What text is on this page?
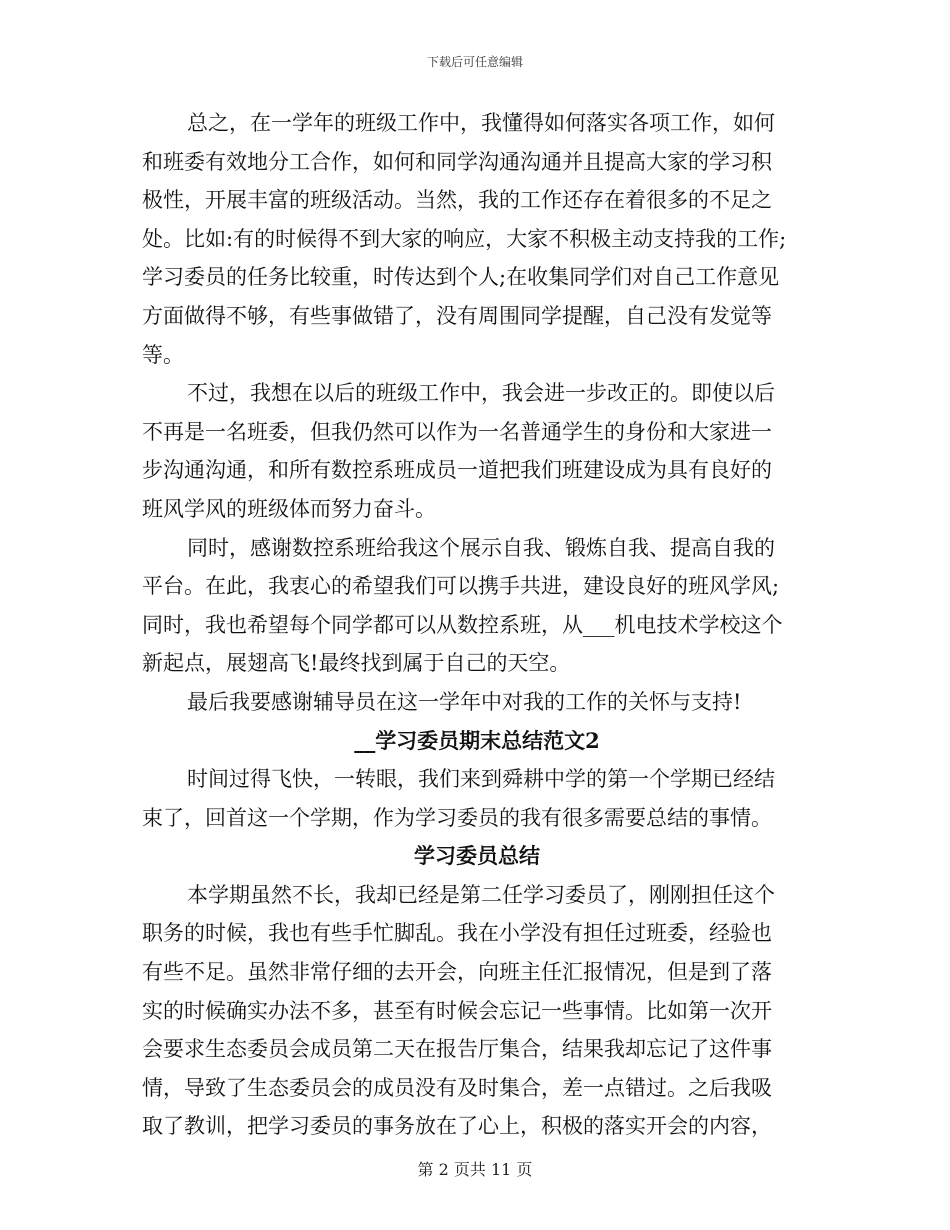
下载后可任意编辑
总之，在一学年的班级工作中，我懂得如何落实各项工作，如何
和班委有效地分工合作，如何和同学沟通沟通并且提高大家的学习积
极性，开展丰富的班级活动。当然，我的工作还存在着很多的不足之
处。比如:有的时候得不到大家的响应，大家不积极主动支持我的工作;
学习委员的任务比较重，时传达到个人;在收集同学们对自己工作意见
方面做得不够，有些事做错了，没有周围同学提醒，自己没有发觉等
等。
不过，我想在以后的班级工作中，我会进一步改正的。即使以后
不再是一名班委，但我仍然可以作为一名普通学生的身份和大家进一
步沟通沟通，和所有数控系班成员一道把我们班建设成为具有良好的
班风学风的班级体而努力奋斗。
同时，感谢数控系班给我这个展示自我、锻炼自我、提高自我的
平台。在此，我衷心的希望我们可以携手共进，建设良好的班风学风;
同时，我也希望每个同学都可以从数控系班，从___机电技术学校这个
新起点，展翅高飞!最终找到属于自己的天空。
最后我要感谢辅导员在这一学年中对我的工作的关怀与支持!
__学习委员期末总结范文2
时间过得飞快，一转眼，我们来到舜耕中学的第一个学期已经结
束了，回首这一个学期，作为学习委员的我有很多需要总结的事情。
学习委员总结
本学期虽然不长，我却已经是第二任学习委员了，刚刚担任这个
职务的时候，我也有些手忙脚乱。我在小学没有担任过班委，经验也
有些不足。虽然非常仔细的去开会，向班主任汇报情况，但是到了落
实的时候确实办法不多，甚至有时候会忘记一些事情。比如第一次开
会要求生态委员会成员第二天在报告厅集合，结果我却忘记了这件事
情，导致了生态委员会的成员没有及时集合，差一点错过。之后我吸
取了教训，把学习委员的事务放在了心上，积极的落实开会的内容，
第 2 页共 11 页
